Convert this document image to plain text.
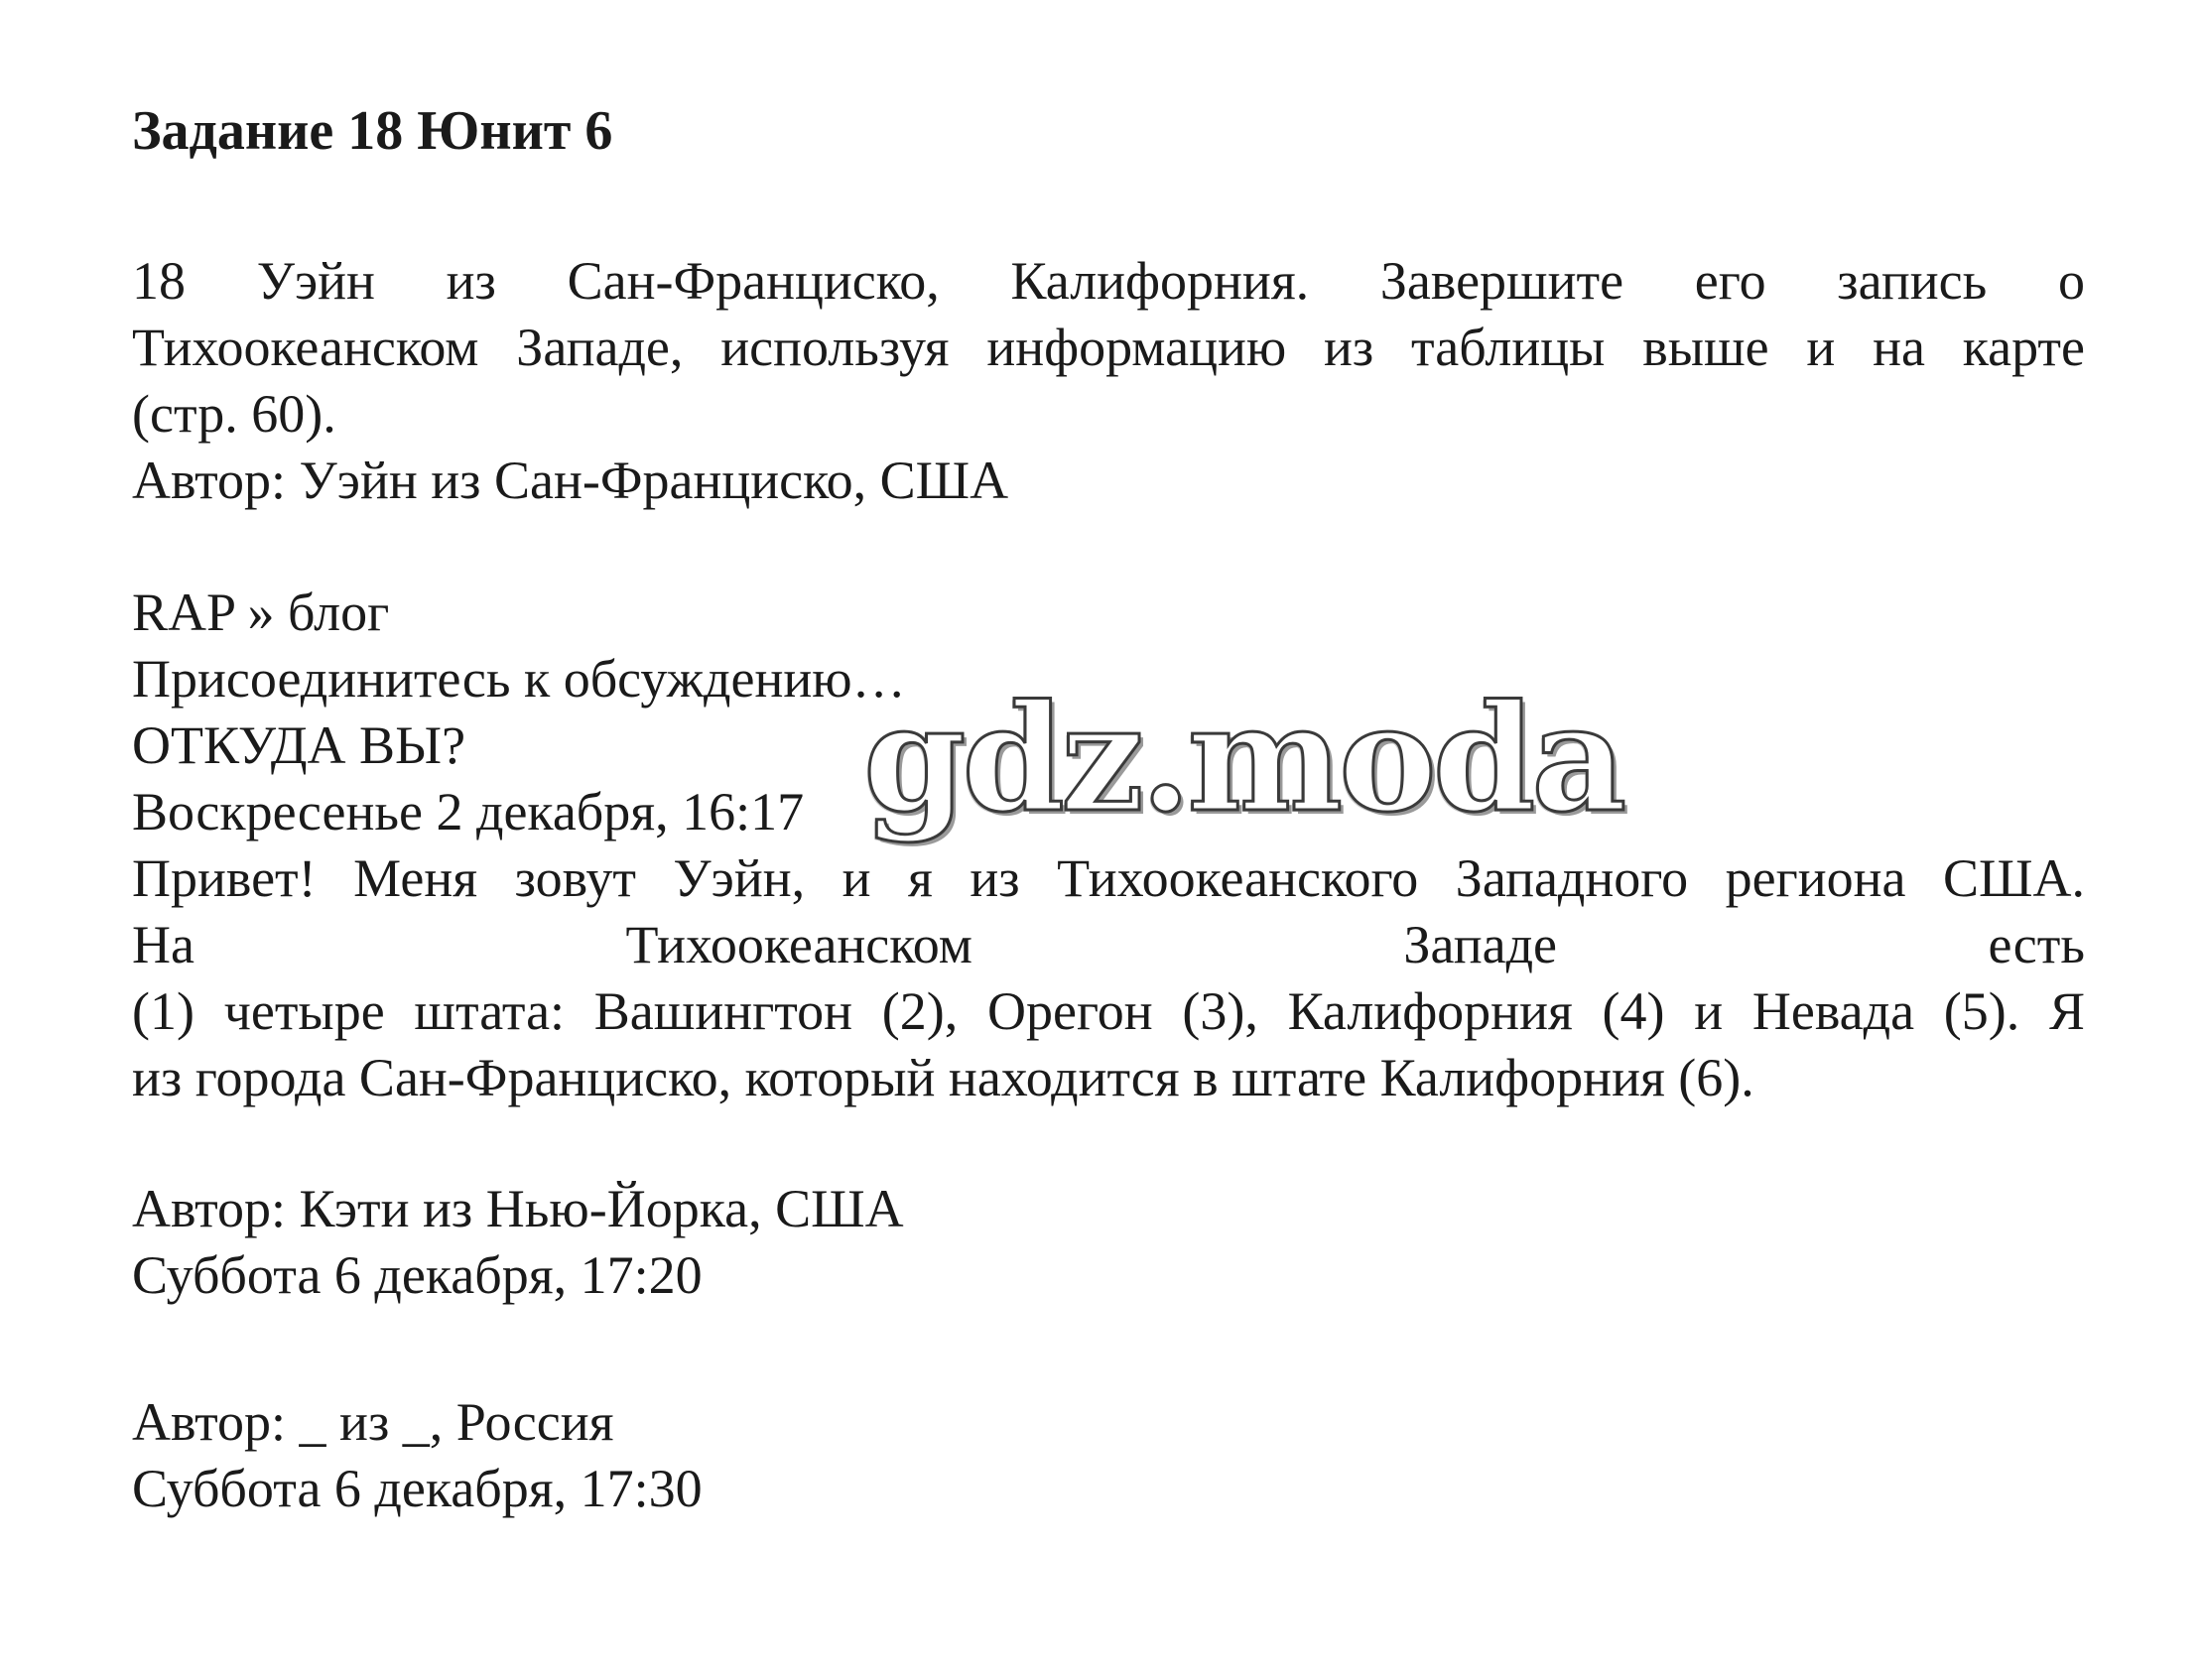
Задание 18 Юнит 6
18 Уэйн из Сан-Франциско, Калифорния. Завершите его запись о
Тихоокеанском Западе, используя информацию из таблицы выше и на карте
(стр. 60).
Автор: Уэйн из Сан-Франциско, США
RAP » блог
Присоединитесь к обсуждению…
ОТКУДА ВЫ?
Воскресенье 2 декабря, 16:17
Привет! Меня зовут Уэйн, и я из Тихоокеанского Западного региона США.
На Тихоокеанском Западе есть
(1) четыре штата: Вашингтон (2), Орегон (3), Калифорния (4) и Невада (5). Я
из города Сан-Франциско, который находится в штате Калифорния (6).
Автор: Кэти из Нью-Йорка, США
Суббота 6 декабря, 17:20
Автор: _ из _, Россия
Суббота 6 декабря, 17:30
gdz.moda
